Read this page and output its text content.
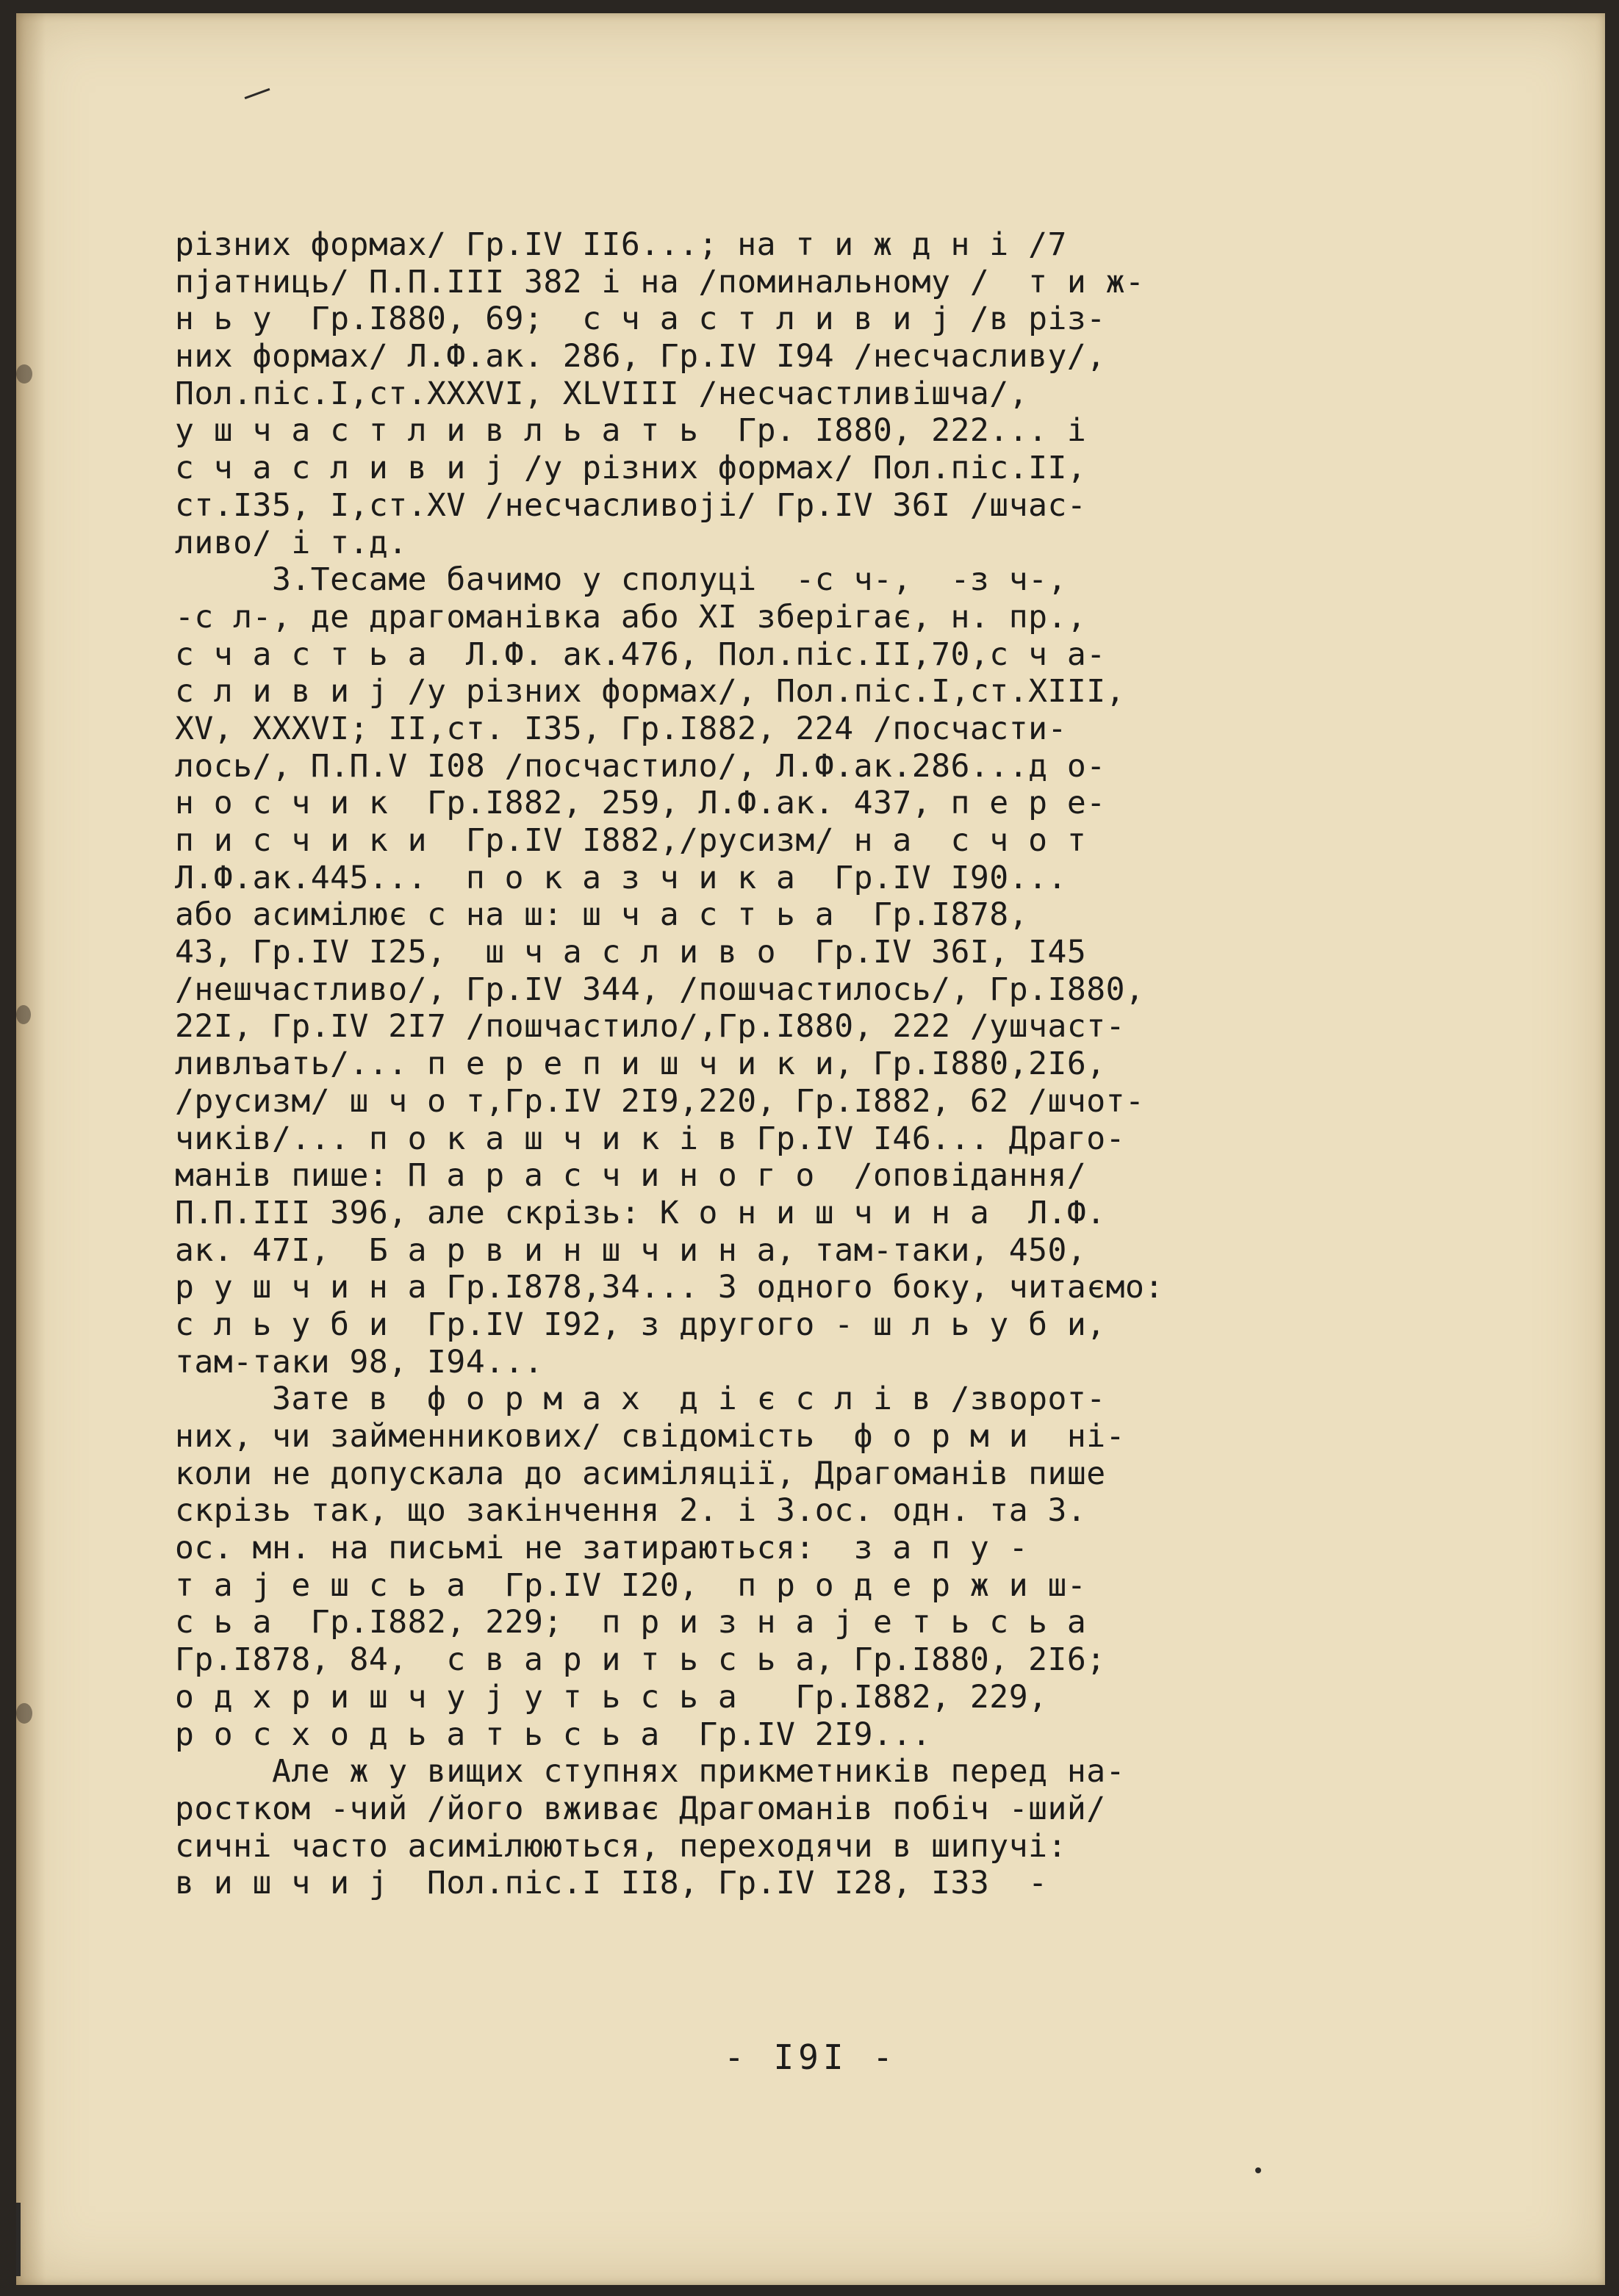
різних формах/ Гр.IV II6...; на т и ж д н і /7
пjатниць/ П.П.III 382 і на /поминальному /  т и ж-
н ь у  Гр.I880, 69;  с ч а с т л и в и j /в різ-
них формах/ Л.Ф.ак. 286, Гр.IV I94 /несчасливу/,
Пол.пic.I,ст.XXXVI, XLVIII /несчастливішча/,
у ш ч а с т л и в л ь а т ь  Гр. I880, 222... і
с ч а с л и в и j /у різних формах/ Пол.пic.II,
ст.I35, I,ст.XV /несчасливоjі/ Гр.IV 36I /шчас-
ливо/ і т.д.
3.Тесаме бачимо у сполуці  -с ч-,  -з ч-,
-с л-, де драгоманівка або XI зберігає, н. пр.,
с ч а с т ь а  Л.Ф. ак.476, Пол.пic.II,70,с ч а-
с л и в и j /у різних формах/, Пол.пic.I,ст.XIII,
XV, XXXVI; II,ст. I35, Гр.I882, 224 /посчасти-
лось/, П.П.V I08 /посчастило/, Л.Ф.ак.286...д о-
н о с ч и к  Гр.I882, 259, Л.Ф.ак. 437, п е р е-
п и с ч и к и  Гр.IV I882,/русизм/ н а  с ч о т
Л.Ф.ак.445...  п о к а з ч и к а  Гр.IV I90...
або асимілює с на ш: ш ч а с т ь а  Гр.I878,
43, Гр.IV I25,  ш ч а с л и в о  Гр.IV 36I, I45
/нешчастливо/, Гр.IV 344, /пошчастилось/, Гр.I880,
22I, Гр.IV 2I7 /пошчастило/,Гр.I880, 222 /ушчаст-
ливлъать/... п е р е п и ш ч и к и, Гр.I880,2I6,
/русизм/ ш ч о т,Гр.IV 2I9,220, Гр.I882, 62 /шчот-
чиків/... п о к а ш ч и к і в Гр.IV I46... Драго-
манів пише: П а р а с ч и н о г о  /оповідання/
П.П.III 396, але скрізь: К о н и ш ч и н а  Л.Ф.
ак. 47I,  Б а р в и н ш ч и н а, там-таки, 450,
р у ш ч и н а Гр.I878,34... З одного боку, читаємо:
с л ь у б и  Гр.IV I92, з другого - ш л ь у б и,
там-таки 98, I94...
Зате в  ф о р м а х  д і є с л і в /зворот-
них, чи займенникових/ свідомість  ф о р м и  ні-
коли не допускала до асиміляції, Драгоманів пише
скрізь так, що закінчення 2. і 3.ос. одн. та 3.
ос. мн. на письмі не затираються:  з а п у -
т а j е ш с ь а  Гр.IV I20,  п р о д е р ж и ш-
с ь а  Гр.I882, 229;  п р и з н а j е т ь с ь а
Гр.I878, 84,  с в а р и т ь с ь а, Гр.I880, 2I6;
о д х р и ш ч у j у т ь с ь а   Гр.I882, 229,
р о с х о д ь а т ь с ь а  Гр.IV 2I9...
Але ж у вищих ступнях прикметників перед на-
ростком -чий /його вживає Драгоманів побіч -ший/
сичні часто асимілюються, переходячи в шипучі:
в и ш ч и j  Пол.пic.I II8, Гр.IV I28, I33  -
- I9I -
